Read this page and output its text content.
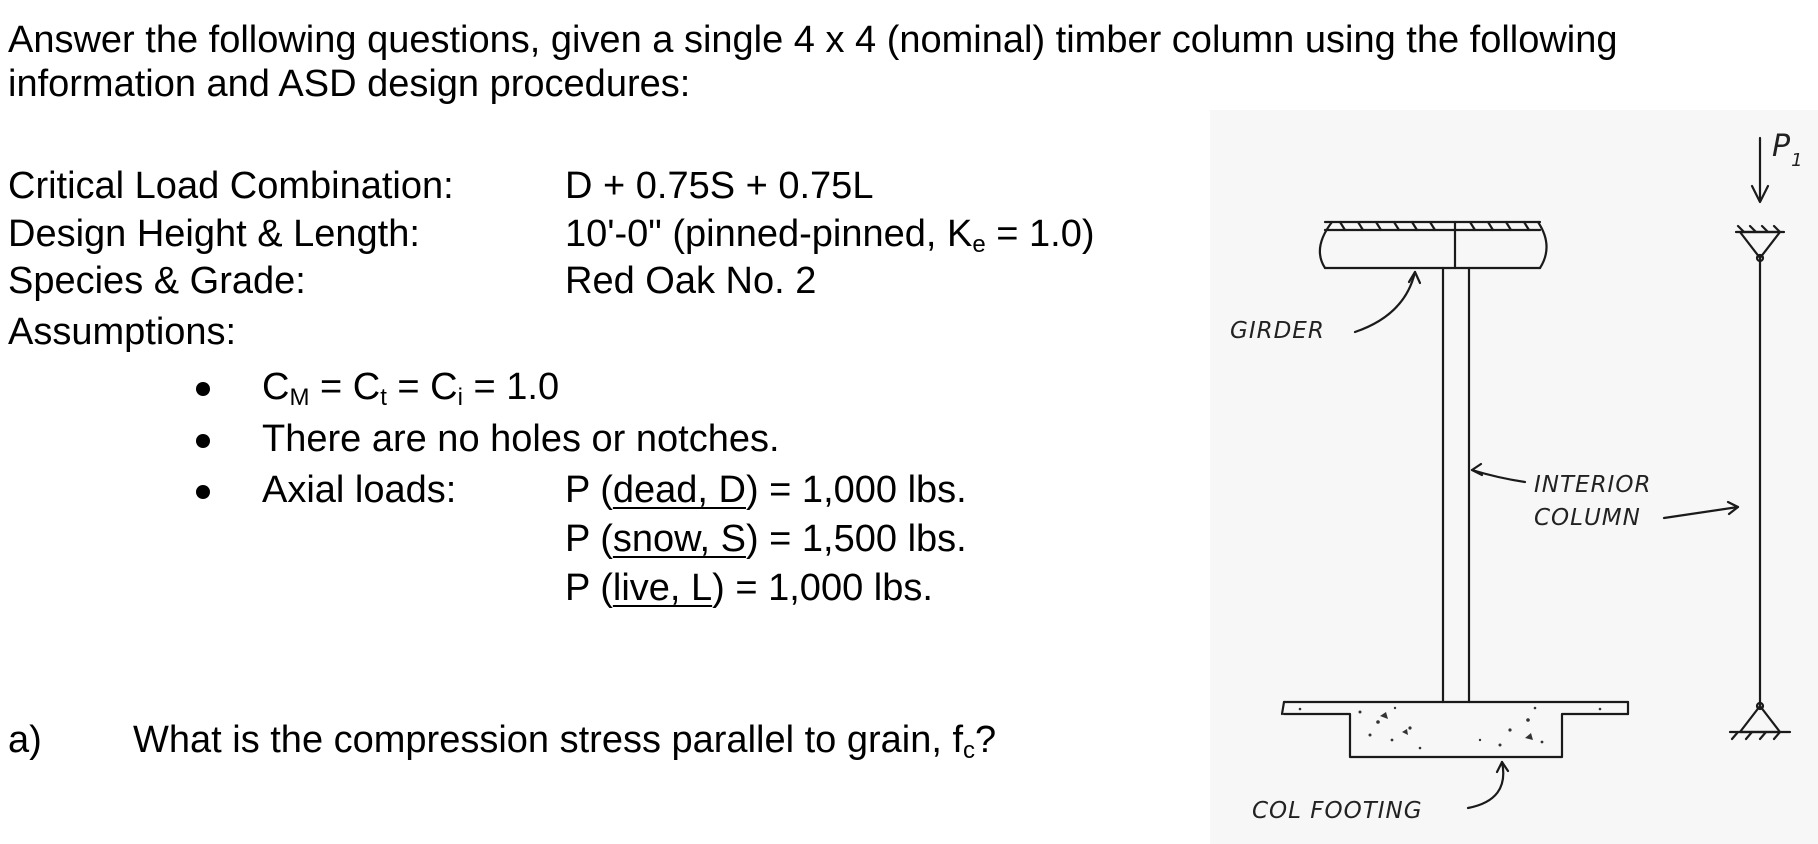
Answer the following questions, given a single 4 x 4 (nominal) timber column using the following information and ASD design procedures:
Critical Load Combination:	D + 0.75S + 0.75L
Design Height & Length:	10'-0" (pinned-pinned, $K_e = 1.0$)
Species & Grade:	Red Oak No. 2
Assumptions:
$C_M = C_t = C_i = 1.0$
There are no holes or notches.
Axial loads:	P (dead, D) = 1,000 lbs.
P (snow, S) = 1,500 lbs.
P (live, L) = 1,000 lbs.
a) What is the compression stress parallel to grain, $f_c$?
GIRDER
INTERIOR
COLUMN
COL FOOTING
$P_1$
